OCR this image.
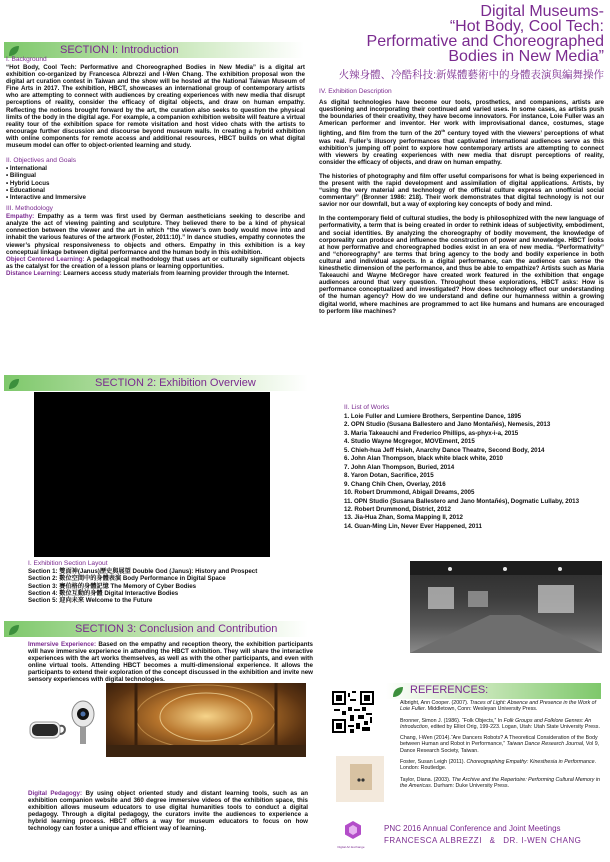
Digital Museums-
“Hot Body, Cool Tech:
Performative and Choreographed
Bodies in New Media”
火辣身體、冷酷科技:新媒體藝術中的身體表演與編舞操作
SECTION I: Introduction
I. Background

“Hot Body, Cool Tech: Performative and Choreographed Bodies in New Media” is a digital art exhibition co-organized by Francesca Albrezzi and I-Wen Chang. The exhibition proposal won the digital art curation contest in Taiwan and the show will be hosted at the National Taiwan Museum of Fine Arts in 2017. The exhibition, HBCT, showcases an international group of contemporary artists who are attempting to connect with audiences by creating experiences with new media that disrupt perceptions of reality, consider the efficacy of digital objects, and draw on human empathy. Reflecting the notions brought forward by the art, the curation also seeks to question the physical limits of the body in the digital age. For example, a companion exhibition website will feature a virtual reality tour of the exhibition space for remote visitation and host video chats with the artists to encourage further discussion and discourse beyond museum walls. In creating a hybrid exhibition with online components for remote access and additional resources, HBCT builds on what digital museum model can offer to object-oriented learning and study.

II. Objectives and Goals
• International
• Bilingual
• Hybrid Locus
• Educational
• Interactive and Immersive
III. Methodology

Empathy: Empathy as a term was first used by German aestheticians seeking to describe and analyze the act of viewing painting and sculpture. They believed there to be a kind of physical connection between the viewer and the art in which “the viewer’s own body would move into and inhabit the various features of the artwork (Foster, 2011:10).” In dance studies, empathy connotes the viewer’s physical responsiveness to objects and others. Empathy in this exhibition is a key conceptual linkage between digital performance and the human body in this exhibition.

Object Centered Learning: A pedagogical methodology that uses art or culturally significant objects as the catalyst for the creation of a lesson plans or learning opportunities.

Distance Learning: Learners access study materials from learning provider through the Internet.

IV. Exhibition Description

As digital technologies have become our tools, prosthetics, and companions, artists are questioning and incorporating their continued and varied uses. In some cases, as artists push the boundaries of their creativity, they have become innovators. For instance, Loie Fuller was an American performer and inventor. Her work with improvisational dance, costumes, stage lighting, and film from the turn of the 20th century toyed with the viewers’ perceptions of what was real. Fuller’s illusory performances that captivated international audiences serve as this exhibition’s jumping off point to explore how contemporary artists are attempting to connect with viewers by creating experiences with new media that disrupt perceptions of reality, consider the efficacy of objects, and draw on human empathy.

The histories of photography and film offer useful comparisons for what is being experienced in the present with the rapid development and assimilation of digital applications. Artists, by “using the very material and technology of the official culture express an unofficial social commentary” (Bronner 1986: 218). Their work demonstrates that digital technology is not our savior nor our downfall, but a way of exploring key concepts of body and mind.

In the contemporary field of cultural studies, the body is philosophized with the new language of performativity, a term that is being created in order to rethink ideas of subjectivity, embodiment, and social identities. By analyzing the choreography of bodily movement, the knowledge of corporeality can produce and influence the construction of power and knowledge. HBCT looks at how performative and choreographed bodies exist in an era of new media. “Performativity” and “choreography” are terms that bring agency to the body and bodily experience in both cultural and individual aspects. In a digital performance, can the audience can sense the kinesthetic dimension of the performance, and thus be able to empathize? Artists such as Maria Takeauchi and Wayne McGregor have created work featured in the exhibition that engage audiences around that very question. Throughout these explorations, HBCT asks: How is performance conceptualized and investigated? How does technology effect our understanding of the human agency? How do we understand and define our humanness within a growing digital world, where machines are programmed to act like humans and humans are encouraged to perform like machines?

SECTION 2: Exhibition Overview
I. Exhibition Section Layout
Section 1: 雙面神(Janus)歷史與展望 Double God (Janus): History and Prospect
Section 2: 數位空間中的身體表演 Body Performance in Digital Space
Section 3: 賽伯格的身體記憶 The Memory of Cyber Bodies
Section 4: 數位互動的身體 Digital Interactive Bodies
Section 5: 迎向未來 Welcome to the Future
II. List of Works
1. Loie Fuller and Lumiere Brothers, Serpentine Dance, 1895
2. OPN Studio (Susana Ballestero and Jano Montañés), Nemesis, 2013
3. Maria Takeauchi and Frederico Phillips, as-phyx-i-a, 2015
4. Studio Wayne Mcgregor, MOVEment, 2015
5. Chieh-hua Jeff Hsieh, Anarchy Dance Theatre, Second Body, 2014
6. John Alan Thompson, black white black white, 2010
7. John Alan Thompson, Buried, 2014
8. Yaron Dotan, Sacrifice, 2015
9. Chang Chih Chen, Overlay, 2016
10. Robert Drummond, Abigail Dreams, 2005
11. OPN Studio (Susana Ballestero and Jano Montañés), Dogmatic Lullaby, 2013
12. Robert Drummond, District, 2012
13. Jia-Hua Zhan, Soma Mapping II, 2012
14. Guan-Ming Lin, Never Ever Happened, 2011
SECTION 3: Conclusion and Contribution

Immersive Experience: Based on the empathy and reception theory, the exhibition participants will have immersive experience in attending the HBCT exhibition. They will share the interactive experiences with the art works themselves, as well as with the other participants, and even with online virtual tools. Attending HBCT becomes a multi-dimensional experience. It allows the participants to extend their exploration of the concept discussed in the exhibition and invite new sensory experiences with digital technologies.

Digital Pedagogy: By using object oriented study and distant learning tools, such as an exhibition companion website and 360 degree immersive videos of the exhibition space, this exhibition allows museum educators to use digital humanities tools to conduct a digital pedagogy. Through a digital pedagogy, the curators invite the audiences to experience a hybrid learning process. HBCT offers a way for museum educators to focus on how technology can foster a unique and efficient way of learning.

REFERENCES:

Albright, Ann Cooper. (2007). Traces of Light: Absence and Presence in the Work of Loie Fuller. Middletown, Conn: Wesleyan University Press.

Bronner, Simon J. (1986). “Folk Objects,” In Folk Groups and Folklore Genres: An Introduction, edited by Elliot Orig, 199-223. Logan, Utah: Utah State University Press.

Chang, I-Wen (2014).“Are Dancers Robots? A Theoretical Consideration of the Body between Human and Robot in Performance,” Taiwan Dance Research Journal, Vol 9, Dance Research Society, Taiwan.

Foster, Susan Leigh (2011). Choreographing Empathy: Kinesthesia in Performance. London: Routledge.

Taylor, Diana. (2003). The Archive and the Repertoire: Performing Cultural Memory in the Americas. Durham: Duke University Press.

Digital Art Exchange
PNC 2016 Annual Conference and Joint Meetings
FRANCESCA ALBREZZI & DR. I-WEN CHANG
